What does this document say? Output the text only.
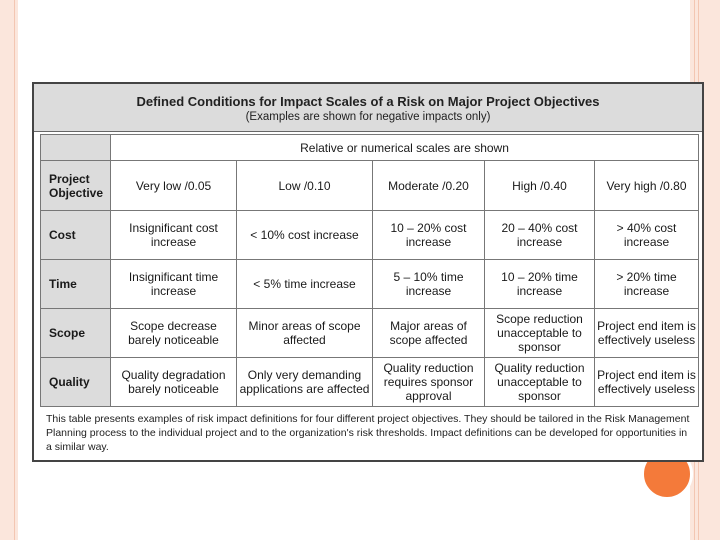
Defined Conditions for Impact Scales of a Risk on Major Project Objectives
(Examples are shown for negative impacts only)
	Relative or numerical scales are shown				
Project Objective	Very low /0.05	Low /0.10	Moderate /0.20	High /0.40	Very high /0.80
Cost	Insignificant cost increase	< 10% cost increase	10 – 20% cost increase	20 – 40% cost increase	> 40% cost increase
Time	Insignificant time increase	< 5% time increase	5 – 10% time increase	10 – 20% time increase	> 20% time increase
Scope	Scope decrease barely noticeable	Minor areas of scope affected	Major areas of scope affected	Scope reduction unacceptable to sponsor	Project end item is effectively useless
Quality	Quality degradation barely noticeable	Only very demanding applications are affected	Quality reduction requires sponsor approval	Quality reduction unacceptable to sponsor	Project end item is effectively useless
This table presents examples of risk impact definitions for four different project objectives. They should be tailored in the Risk Management Planning process to the individual project and to the organization's risk thresholds. Impact definitions can be developed for opportunities in a similar way.
